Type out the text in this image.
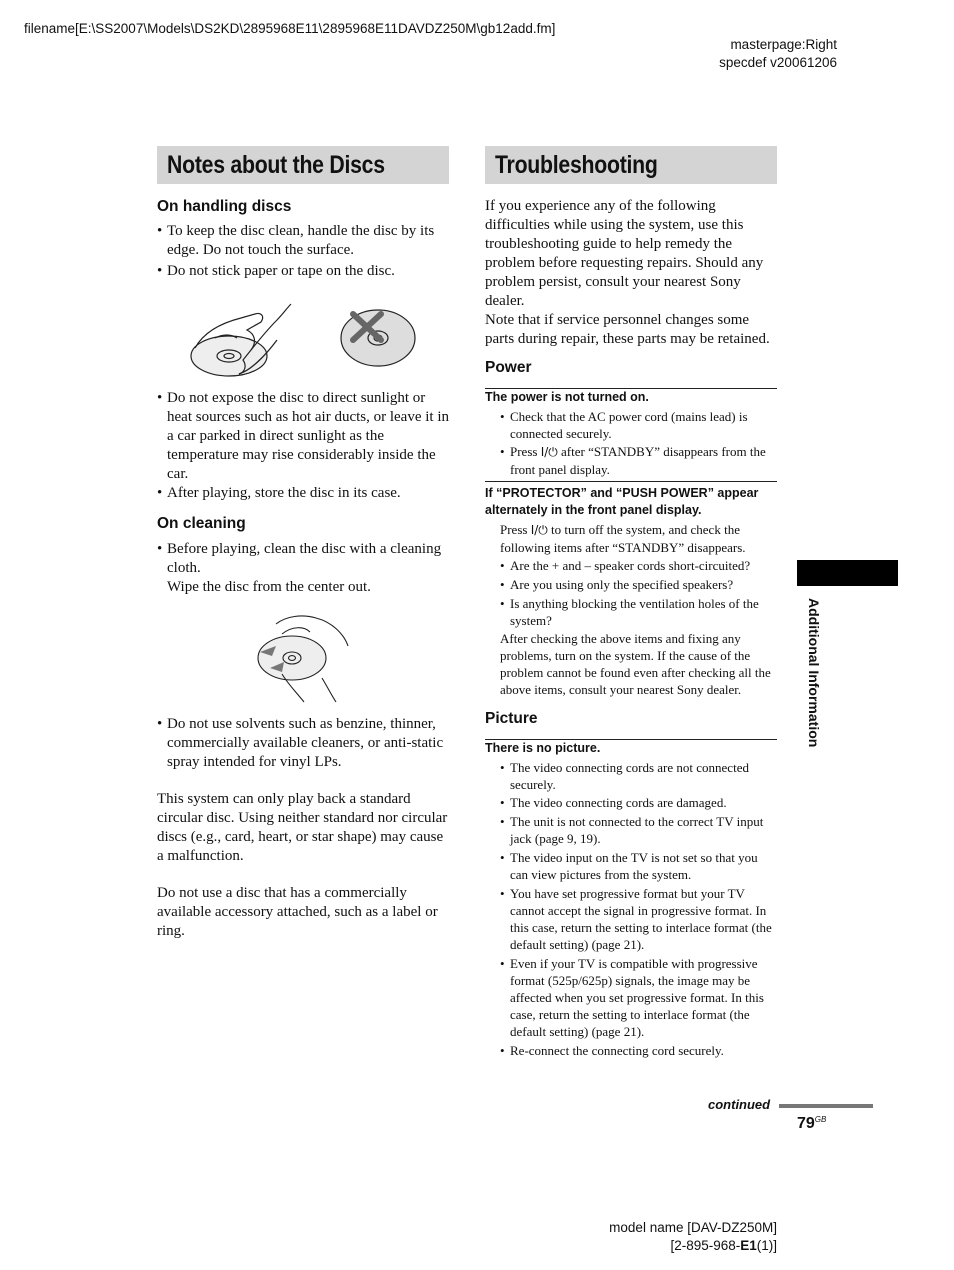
filename[E:\SS2007\Models\DS2KD\2895968E11\2895968E11DAVDZ250M\gb12add.fm]
masterpage:Right
specdef v20061206
Notes about the Discs
On handling discs
• To keep the disc clean, handle the disc by its edge. Do not touch the surface.
• Do not stick paper or tape on the disc.
• Do not expose the disc to direct sunlight or heat sources such as hot air ducts, or leave it in a car parked in direct sunlight as the temperature may rise considerably inside the car.
• After playing, store the disc in its case.
On cleaning
• Before playing, clean the disc with a cleaning cloth.
Wipe the disc from the center out.
• Do not use solvents such as benzine, thinner, commercially available cleaners, or anti-static spray intended for vinyl LPs.
This system can only play back a standard circular disc. Using neither standard nor circular discs (e.g., card, heart, or star shape) may cause a malfunction.
Do not use a disc that has a commercially available accessory attached, such as a label or ring.
Troubleshooting
If you experience any of the following difficulties while using the system, use this troubleshooting guide to help remedy the problem before requesting repairs. Should any problem persist, consult your nearest Sony dealer.
Note that if service personnel changes some parts during repair, these parts may be retained.
Power
The power is not turned on.
• Check that the AC power cord (mains lead) is connected securely.
• Press I/⏻ after “STANDBY” disappears from the front panel display.
If “PROTECTOR” and “PUSH POWER” appear alternately in the front panel display.
Press I/⏻ to turn off the system, and check the following items after “STANDBY” disappears.
• Are the + and – speaker cords short-circuited?
• Are you using only the specified speakers?
• Is anything blocking the ventilation holes of the system?
After checking the above items and fixing any problems, turn on the system. If the cause of the problem cannot be found even after checking all the above items, consult your nearest Sony dealer.
Picture
There is no picture.
• The video connecting cords are not connected securely.
• The video connecting cords are damaged.
• The unit is not connected to the correct TV input jack (page 9, 19).
• The video input on the TV is not set so that you can view pictures from the system.
• You have set progressive format but your TV cannot accept the signal in progressive format. In this case, return the setting to interlace format (the default setting) (page 21).
• Even if your TV is compatible with progressive format (525p/625p) signals, the image may be affected when you set progressive format. In this case, return the setting to interlace format (the default setting) (page 21).
• Re-connect the connecting cord securely.
Additional Information
continued
$79^{GB}$
model name [DAV-DZ250M]
[2-895-968-E1(1)]
